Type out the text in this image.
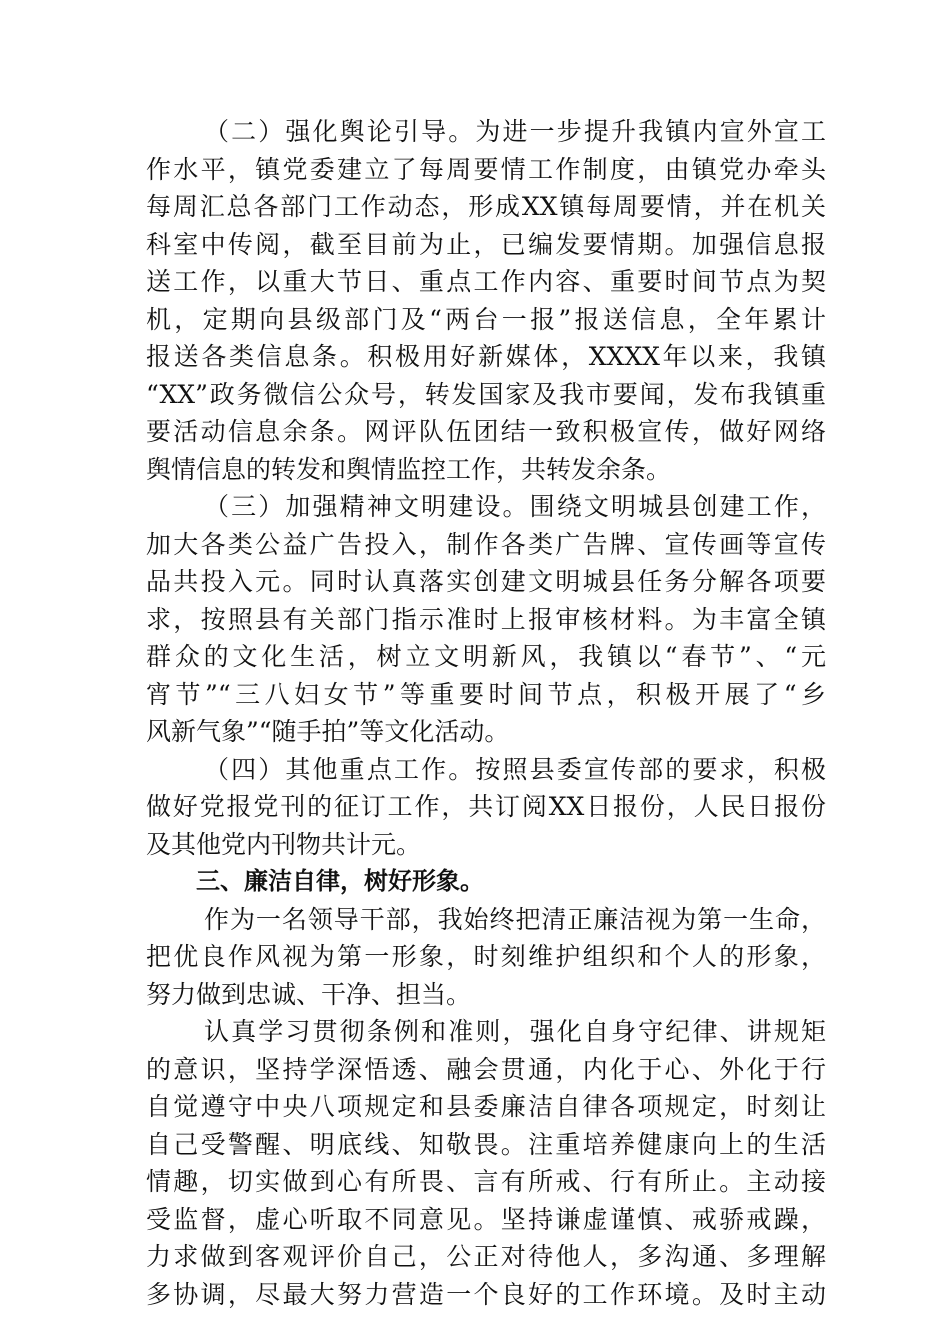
（二）强化舆论引导。为进一步提升我镇内宣外宣工
作水平，镇党委建立了每周要情工作制度，由镇党办牵头
每周汇总各部门工作动态，形成XX镇每周要情，并在机关
科室中传阅，截至目前为止，已编发要情期。加强信息报
送工作，以重大节日、重点工作内容、重要时间节点为契
机，定期向县级部门及“两台一报”报送信息，全年累计
报送各类信息条。积极用好新媒体，XXXX年以来，我镇
“XX”政务微信公众号，转发国家及我市要闻，发布我镇重
要活动信息余条。网评队伍团结一致积极宣传，做好网络
舆情信息的转发和舆情监控工作，共转发余条。
（三）加强精神文明建设。围绕文明城县创建工作，
加大各类公益广告投入，制作各类广告牌、宣传画等宣传
品共投入元。同时认真落实创建文明城县任务分解各项要
求，按照县有关部门指示准时上报审核材料。为丰富全镇
群众的文化生活，树立文明新风，我镇以“春节”、“元
宵节”“三八妇女节”等重要时间节点，积极开展了“乡
风新气象”“随手拍”等文化活动。
（四）其他重点工作。按照县委宣传部的要求，积极
做好党报党刊的征订工作，共订阅XX日报份，人民日报份
及其他党内刊物共计元。
三、廉洁自律，树好形象。
作为一名领导干部，我始终把清正廉洁视为第一生命，
把优良作风视为第一形象，时刻维护组织和个人的形象，
努力做到忠诚、干净、担当。
认真学习贯彻条例和准则，强化自身守纪律、讲规矩
的意识，坚持学深悟透、融会贯通，内化于心、外化于行
自觉遵守中央八项规定和县委廉洁自律各项规定，时刻让
自己受警醒、明底线、知敬畏。注重培养健康向上的生活
情趣，切实做到心有所畏、言有所戒、行有所止。主动接
受监督，虚心听取不同意见。坚持谦虚谨慎、戒骄戒躁，
力求做到客观评价自己，公正对待他人，多沟通、多理解
多协调，尽最大努力营造一个良好的工作环境。及时主动
